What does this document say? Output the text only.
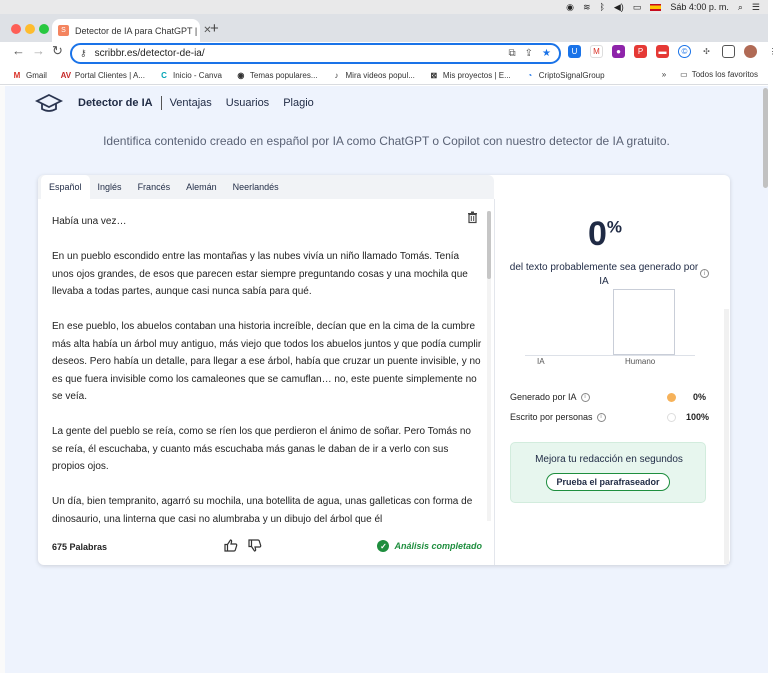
◉ ≋ ᛒ ◀) ▭	Sáb 4:00 p. m. ⌕ ☰
S	Detector de IA para ChatGPT | ✕
+
← → ↻ ⚷ scribbr.es/detector-de-ia/	⧉ ⇪ ★	U	M	●	P	▬	©	✣	⋮
M Gmail AV Portal Clientes | A... C Inicio - Canva ◉ Temas populares...	♪ Mira videos popul... ⊠ Mis proyectos | E...	◔ CriptoSignalGroup	» ▭ Todos los favoritos
Detector de IA	Ventajas Usuarios Plagio
Identifica contenido creado en español por IA como ChatGPT o Copilot con nuestro detector de IA gratuito.
Español	Inglés	Francés	Alemán	Neerlandés

Había una vez…

En un pueblo escondido entre las montañas y las nubes vivía un niño llamado Tomás. Tenía unos ojos grandes, de esos que parecen estar siempre preguntando cosas y una mochila que llevaba a todas partes, aunque casi nunca sabía para qué.

En ese pueblo, los abuelos contaban una historia increíble, decían que en la cima de la cumbre más alta había un árbol muy antiguo, más viejo que todos los abuelos juntos y que podía cumplir deseos. Pero había un detalle, para llegar a ese árbol, había que cruzar un puente invisible, y no es que fuera invisible como los camaleones que se camuflan… no, este puente simplemente no se veía.

La gente del pueblo se reía, como se ríen los que perdieron el ánimo de soñar. Pero Tomás no se reía, él escuchaba, y cuanto más escuchaba más ganas le daban de ir a verlo con sus propios ojos.

Un día, bien tempranito, agarró su mochila, una botellita de agua, unas galleticas con forma de dinosaurio, una linterna que casi no alumbraba y un dibujo del árbol que él

675 Palabras	✓ Análisis completado
0%
del texto probablemente sea generado por IA
i
IA	Humano
Generado por IA	i	0%
Escrito por personas	i	100%
Mejora tu redacción en segundos
Prueba el parafraseador
